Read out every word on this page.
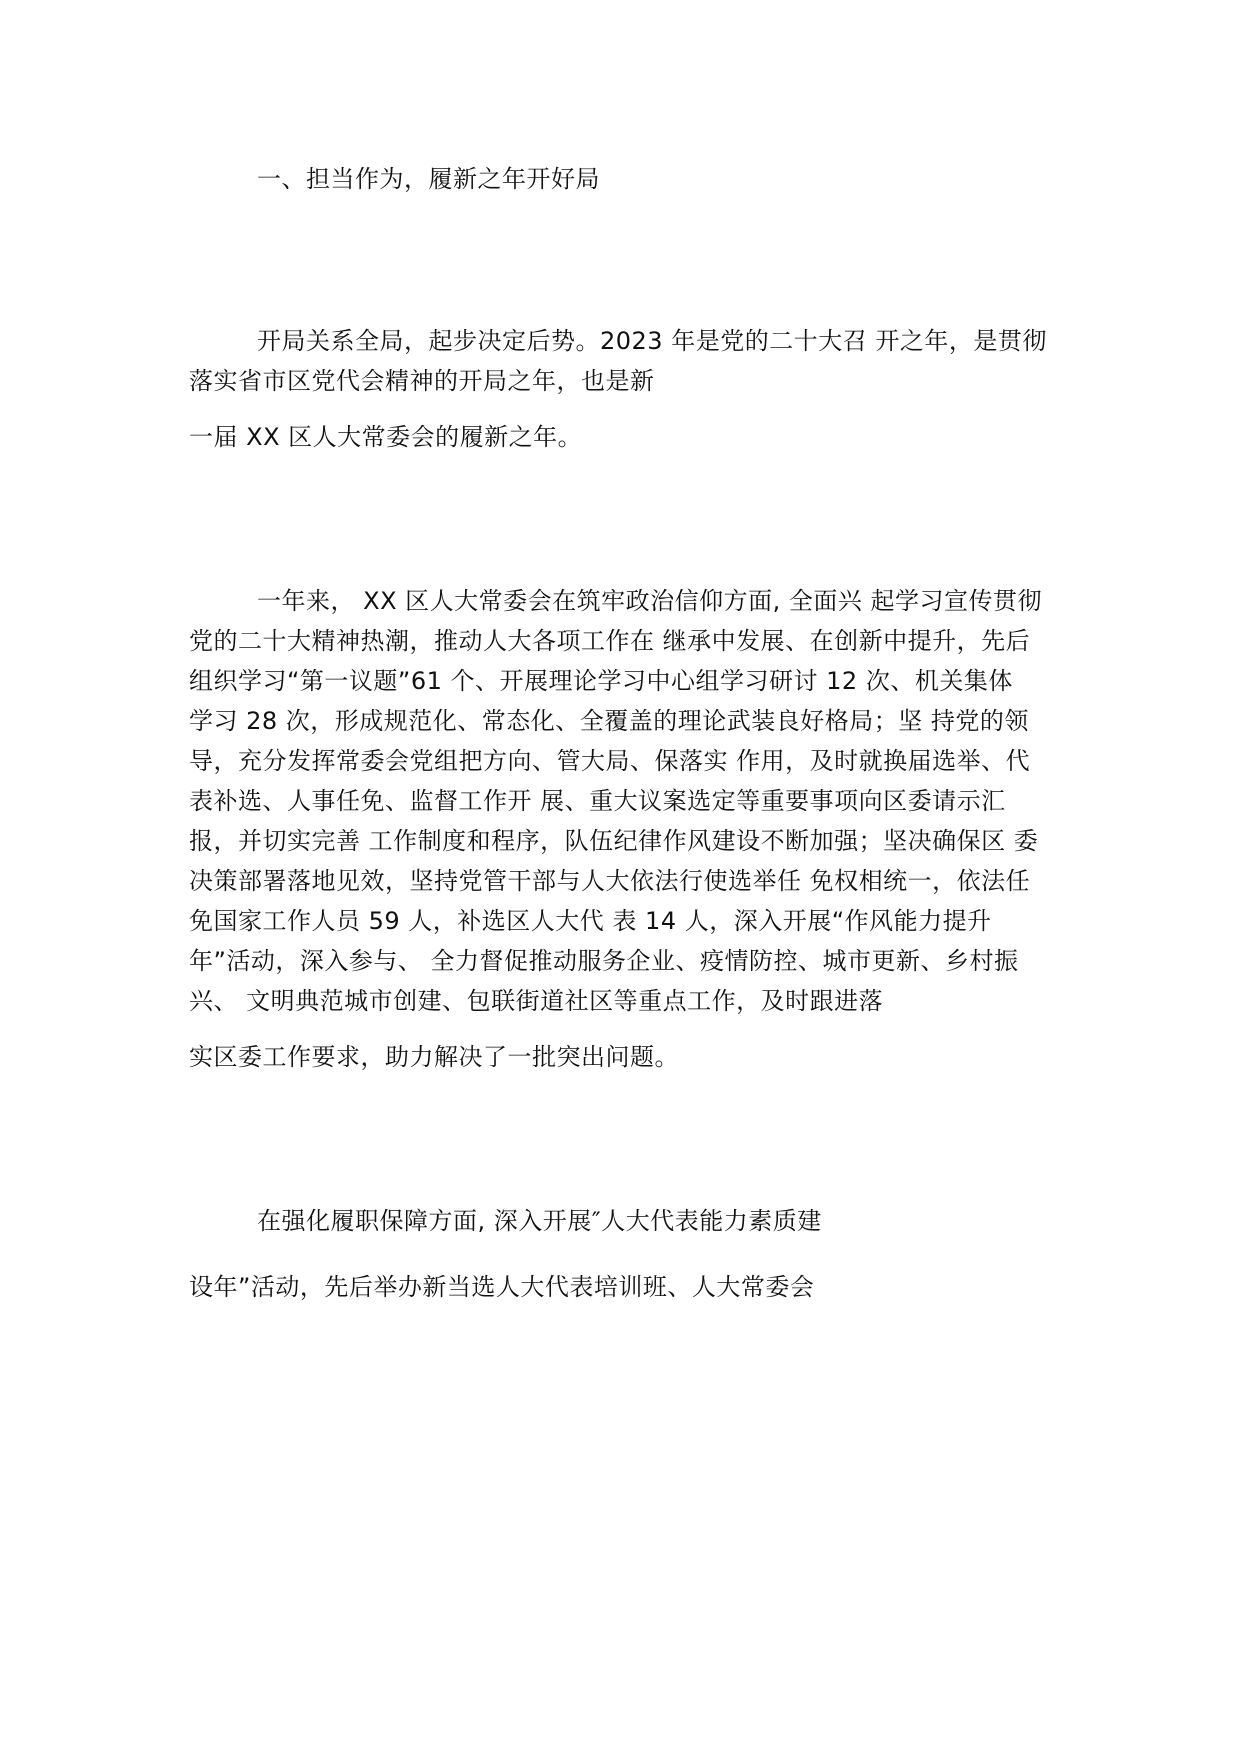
一、担当作为，履新之年开好局
开局关系全局，起步决定后势。2023 年是党的二十大召 开之年，是贯彻
落实省市区党代会精神的开局之年，也是新
一届 XX 区人大常委会的履新之年。
一年来， XX 区人大常委会在筑牢政治信仰方面, 全面兴 起学习宣传贯彻
党的二十大精神热潮，推动人大各项工作在 继承中发展、在创新中提升，先后
组织学习“第一议题”61 个、开展理论学习中心组学习研讨 12 次、机关集体
学习 28 次，形成规范化、常态化、全覆盖的理论武装良好格局；坚 持党的领
导，充分发挥常委会党组把方向、管大局、保落实 作用，及时就换届选举、代
表补选、人事任免、监督工作开 展、重大议案选定等重要事项向区委请示汇
报，并切实完善 工作制度和程序，队伍纪律作风建设不断加强；坚决确保区 委
决策部署落地见效，坚持党管干部与人大依法行使选举任 免权相统一，依法任
免国家工作人员 59 人，补选区人大代 表 14 人，深入开展“作风能力提升
年”活动，深入参与、 全力督促推动服务企业、疫情防控、城市更新、乡村振
兴、 文明典范城市创建、包联街道社区等重点工作，及时跟进落
实区委工作要求，助力解决了一批突出问题。
在强化履职保障方面, 深入开展″人大代表能力素质建
设年”活动，先后举办新当选人大代表培训班、人大常委会
